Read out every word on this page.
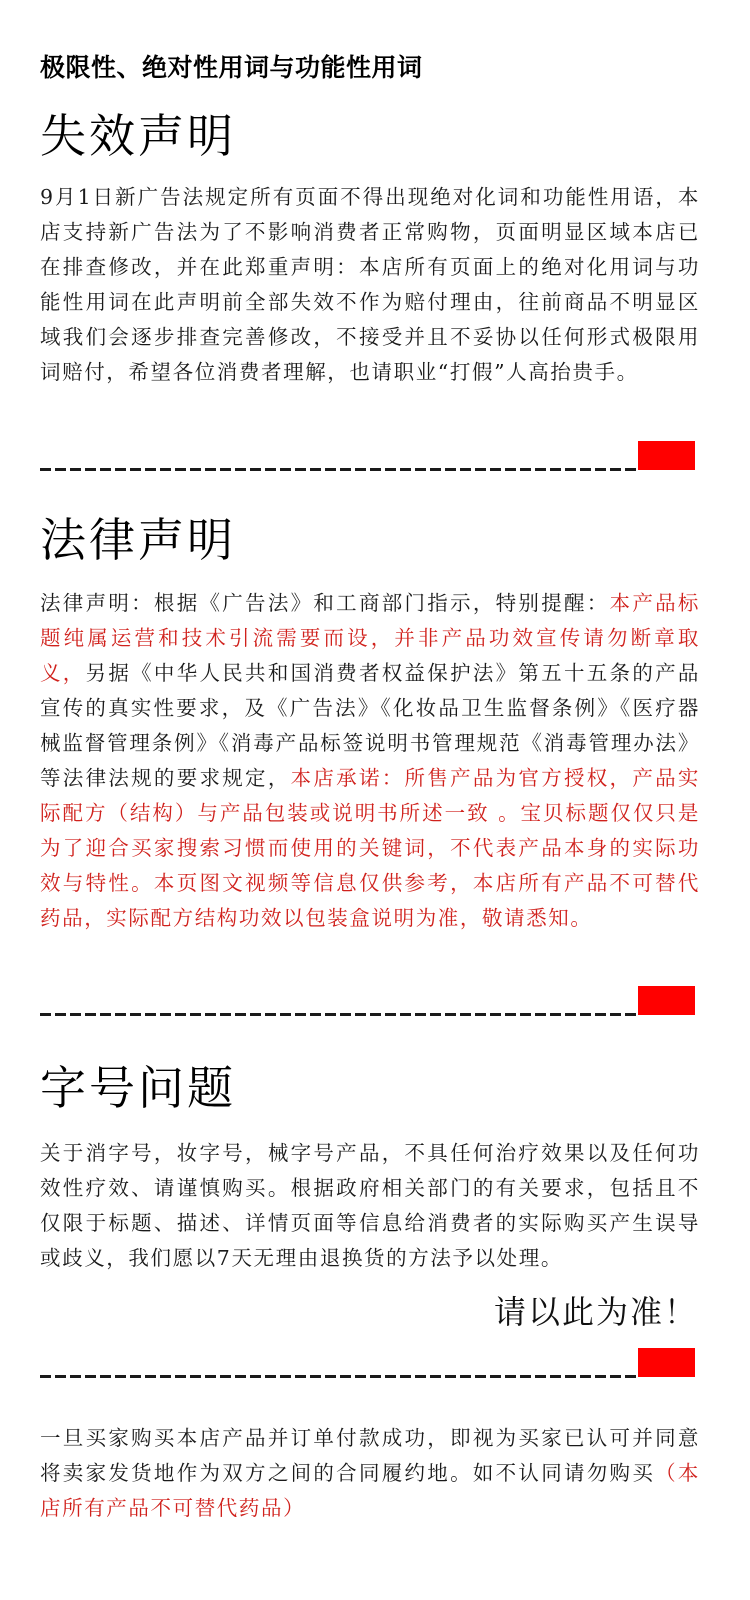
极限性、绝对性用词与功能性用词
失效声明
9月1日新广告法规定所有页面不得出现绝对化词和功能性用语，本店支持新广告法为了不影响消费者正常购物，页面明显区域本店已在排查修改，并在此郑重声明：本店所有页面上的绝对化用词与功能性用词在此声明前全部失效不作为赔付理由，往前商品不明显区域我们会逐步排查完善修改，不接受并且不妥协以任何形式极限用词赔付，希望各位消费者理解，也请职业“打假”人高抬贵手。
法律声明
法律声明：根据《广告法》和工商部门指示，特别提醒：本产品标题纯属运营和技术引流需要而设，并非产品功效宣传请勿断章取义，另据《中华人民共和国消费者权益保护法》第五十五条的产品宣传的真实性要求，及《广告法》《化妆品卫生监督条例》《医疗器械监督管理条例》《消毒产品标签说明书管理规范《消毒管理办法》等法律法规的要求规定，本店承诺：所售产品为官方授权，产品实际配方（结构）与产品包装或说明书所述一致 。宝贝标题仅仅只是为了迎合买家搜索习惯而使用的关键词，不代表产品本身的实际功效与特性。本页图文视频等信息仅供参考，本店所有产品不可替代药品，实际配方结构功效以包装盒说明为准，敬请悉知。
字号问题
关于消字号，妆字号，械字号产品，不具任何治疗效果以及任何功效性疗效、请谨慎购买。根据政府相关部门的有关要求，包括且不仅限于标题、描述、详情页面等信息给消费者的实际购买产生误导或歧义，我们愿以7天无理由退换货的方法予以处理。
请以此为准！
一旦买家购买本店产品并订单付款成功，即视为买家已认可并同意将卖家发货地作为双方之间的合同履约地。如不认同请勿购买（本店所有产品不可替代药品）
